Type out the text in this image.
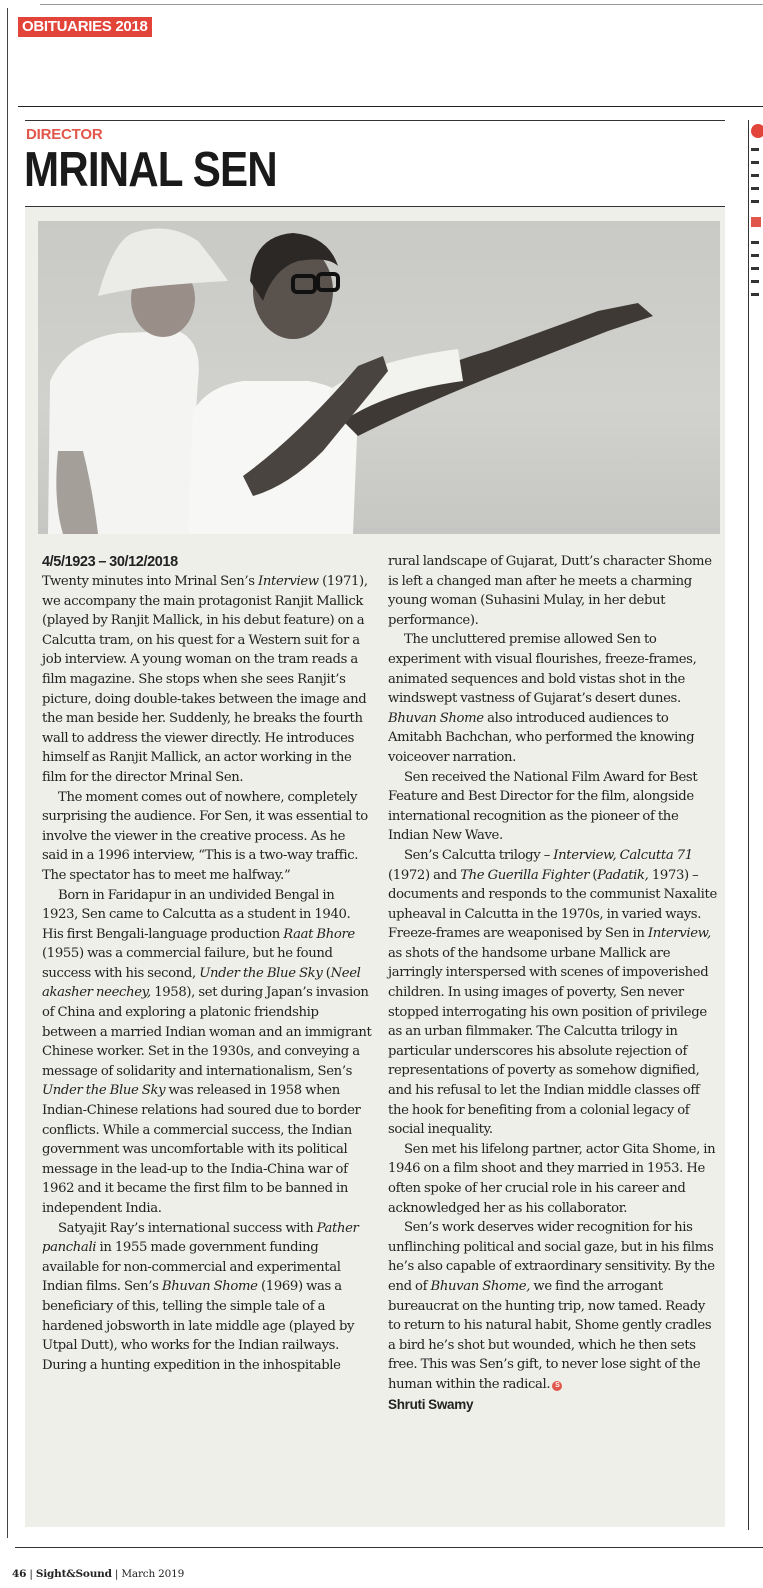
OBITUARIES 2018
DIRECTOR
MRINAL SEN
4/5/1923 – 30/12/2018

Twenty minutes into Mrinal Sen’s Interview (1971), we accompany the main protagonist Ranjit Mallick (played by Ranjit Mallick, in his debut feature) on a Calcutta tram, on his quest for a Western suit for a job interview. A young woman on the tram reads a film magazine. She stops when she sees Ranjit’s picture, doing double-takes between the image and the man beside her. Suddenly, he breaks the fourth wall to address the viewer directly. He introduces himself as Ranjit Mallick, an actor working in the film for the director Mrinal Sen.

The moment comes out of nowhere, completely surprising the audience. For Sen, it was essential to involve the viewer in the creative process. As he said in a 1996 interview, “This is a two-way traffic. The spectator has to meet me halfway.”

Born in Faridapur in an undivided Bengal in 1923, Sen came to Calcutta as a student in 1940. His first Bengali-language production Raat Bhore (1955) was a commercial failure, but he found success with his second, Under the Blue Sky (Neel akasher neechey, 1958), set during Japan’s invasion of China and exploring a platonic friendship between a married Indian woman and an immigrant Chinese worker. Set in the 1930s, and conveying a message of solidarity and internationalism, Sen’s Under the Blue Sky was released in 1958 when Indian-Chinese relations had soured due to border conflicts. While a commercial success, the Indian government was uncomfortable with its political message in the lead-up to the India-China war of 1962 and it became the first film to be banned in independent India.

Satyajit Ray’s international success with Pather panchali in 1955 made government funding available for non-commercial and experimental Indian films. Sen’s Bhuvan Shome (1969) was a beneficiary of this, telling the simple tale of a hardened jobsworth in late middle age (played by Utpal Dutt), who works for the Indian railways. During a hunting expedition in the inhospitable

rural landscape of Gujarat, Dutt’s character Shome is left a changed man after he meets a charming young woman (Suhasini Mulay, in her debut performance).

The uncluttered premise allowed Sen to experiment with visual flourishes, freeze-frames, animated sequences and bold vistas shot in the windswept vastness of Gujarat’s desert dunes. Bhuvan Shome also introduced audiences to Amitabh Bachchan, who performed the knowing voiceover narration.

Sen received the National Film Award for Best Feature and Best Director for the film, alongside international recognition as the pioneer of the Indian New Wave.

Sen’s Calcutta trilogy – Interview, Calcutta 71 (1972) and The Guerilla Fighter (Padatik, 1973) – documents and responds to the communist Naxalite upheaval in Calcutta in the 1970s, in varied ways. Freeze-frames are weaponised by Sen in Interview, as shots of the handsome urbane Mallick are jarringly interspersed with scenes of impoverished children. In using images of poverty, Sen never stopped interrogating his own position of privilege as an urban filmmaker. The Calcutta trilogy in particular underscores his absolute rejection of representations of poverty as somehow dignified, and his refusal to let the Indian middle classes off the hook for benefiting from a colonial legacy of social inequality.

Sen met his lifelong partner, actor Gita Shome, in 1946 on a film shoot and they married in 1953. He often spoke of her crucial role in his career and acknowledged her as his collaborator.

Sen’s work deserves wider recognition for his unflinching political and social gaze, but in his films he’s also capable of extraordinary sensitivity. By the end of Bhuvan Shome, we find the arrogant bureaucrat on the hunting trip, now tamed. Ready to return to his natural habit, Shome gently cradles a bird he’s shot but wounded, which he then sets free. This was Sen’s gift, to never lose sight of the human within the radical. S

Shruti Swamy
46 | Sight&Sound | March 2019
